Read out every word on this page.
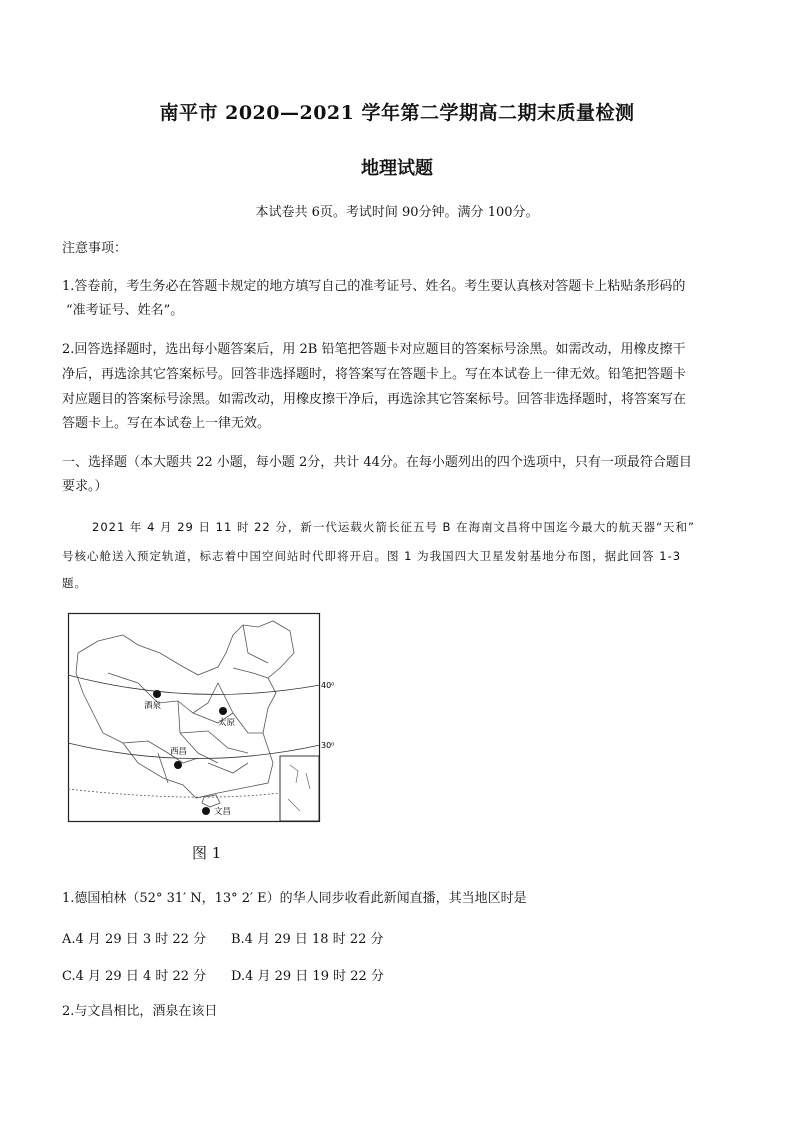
南平市 2020—2021 学年第二学期高二期末质量检测
地理试题
本试卷共 6页。考试时间 90分钟。满分 100分。
注意事项：
1.答卷前，考生务必在答题卡规定的地方填写自己的准考证号、姓名。考生要认真核对答题卡上粘贴条形码的
“准考证号、姓名”。
2.回答选择题时，选出每小题答案后，用 2B 铅笔把答题卡对应题目的答案标号涂黑。如需改动，用橡皮擦干
净后，再选涂其它答案标号。回答非选择题时，将答案写在答题卡上。写在本试卷上一律无效。铅笔把答题卡
对应题目的答案标号涂黑。如需改动，用橡皮擦干净后，再选涂其它答案标号。回答非选择题时，将答案写在
答题卡上。写在本试卷上一律无效。
一、选择题（本大题共 22 小题，每小题 2分，共计 44分。在每小题列出的四个选项中，只有一项最符合题目
要求。）
2021 年 4 月 29 日 11 时 22 分，新一代运载火箭长征五号 B 在海南文昌将中国迄今最大的航天器“天和”
号核心舱送入预定轨道，标志着中国空间站时代即将开启。图 1 为我国四大卫星发射基地分布图，据此回答 1-3
题。
40⁰
30⁰
酒泉
太原
西昌
文昌
图 1
1.德国柏林（52° 31′ N，13° 2′ E）的华人同步收看此新闻直播，其当地区时是
A.4 月 29 日 3 时 22 分 B.4 月 29 日 18 时 22 分
C.4 月 29 日 4 时 22 分 D.4 月 29 日 19 时 22 分
2.与文昌相比，酒泉在该日
